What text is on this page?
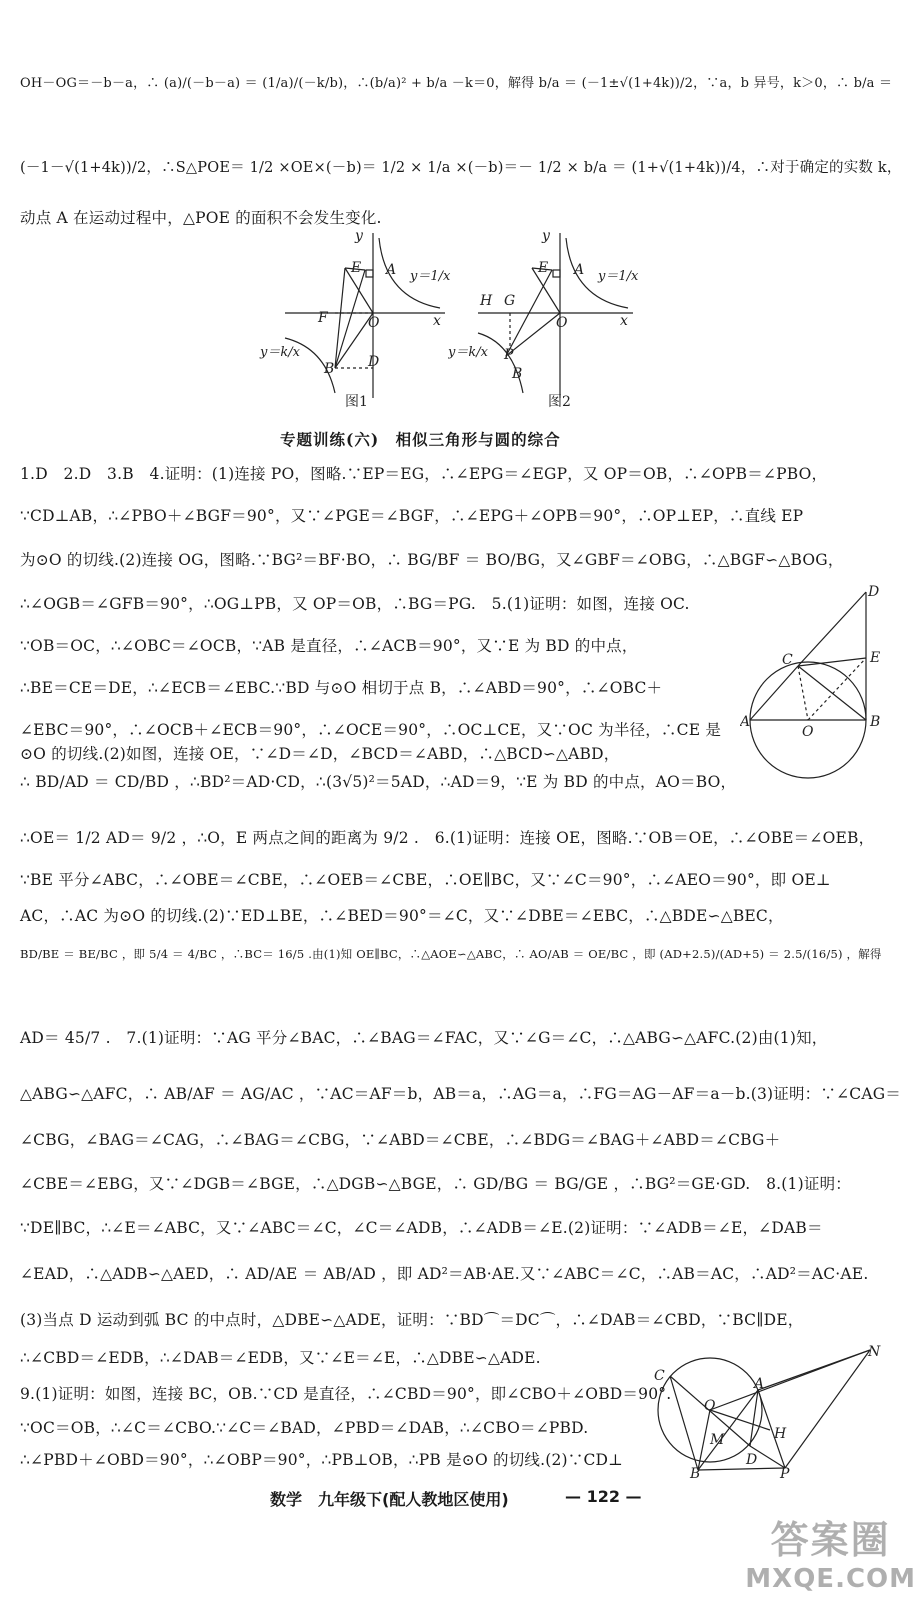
OH－OG＝－b－a，∴ (a)/(－b－a) ＝ (1/a)/(－k/b)，∴(b/a)² + b/a －k＝0，解得 b/a ＝ (－1±√(1+4k))/2，∵a，b 异号，k＞0，∴ b/a ＝
(－1－√(1+4k))/2，∴S△POE＝ 1/2 ×OE×(－b)＝ 1/2 × 1/a ×(－b)＝－ 1/2 × b/a ＝ (1+√(1+4k))/4，∴对于确定的实数 k，
动点 A 在运动过程中，△POE 的面积不会发生变化.
y
x
E A
F	O
D
B
y＝1/x
y＝k/x
图1
y
x
E A
H G
O
P
B
y＝1/x
y＝k/x
图2
专题训练(六)　相似三角形与圆的综合
1.D　2.D　3.B　4.证明：(1)连接 PO，图略.∵EP＝EG，∴∠EPG＝∠EGP，又 OP＝OB，∴∠OPB＝∠PBO，
∵CD⊥AB，∴∠PBO＋∠BGF＝90°，又∵∠PGE＝∠BGF，∴∠EPG＋∠OPB＝90°，∴OP⊥EP，∴直线 EP
为⊙O 的切线.(2)连接 OG，图略.∵BG²＝BF·BO，∴ BG/BF ＝ BO/BG，又∠GBF＝∠OBG，∴△BGF∽△BOG，
∴∠OGB＝∠GFB＝90°，∴OG⊥PB，又 OP＝OB，∴BG＝PG.　5.(1)证明：如图，连接 OC.
∵OB＝OC，∴∠OBC＝∠OCB，∵AB 是直径，∴∠ACB＝90°，又∵E 为 BD 的中点，
∴BE＝CE＝DE，∴∠ECB＝∠EBC.∵BD 与⊙O 相切于点 B，∴∠ABD＝90°，∴∠OBC＋
∠EBC＝90°，∴∠OCB＋∠ECB＝90°，∴∠OCE＝90°，∴OC⊥CE，又∵OC 为半径，∴CE 是
⊙O 的切线.(2)如图，连接 OE，∵∠D＝∠D，∠BCD＝∠ABD，∴△BCD∽△ABD，
∴ BD/AD ＝ CD/BD ，∴BD²＝AD·CD，∴(3√5)²＝5AD，∴AD＝9，∵E 为 BD 的中点，AO＝BO，
D
C	E
A
O
B
∴OE＝ 1/2 AD＝ 9/2 ，∴O，E 两点之间的距离为 9/2 .　6.(1)证明：连接 OE，图略.∵OB＝OE，∴∠OBE＝∠OEB，
∵BE 平分∠ABC，∴∠OBE＝∠CBE，∴∠OEB＝∠CBE，∴OE∥BC，又∵∠C＝90°，∴∠AEO＝90°，即 OE⊥
AC，∴AC 为⊙O 的切线.(2)∵ED⊥BE，∴∠BED＝90°＝∠C，又∵∠DBE＝∠EBC，∴△BDE∽△BEC，
BD/BE ＝ BE/BC ，即 5/4 ＝ 4/BC ，∴BC＝ 16/5 .由(1)知 OE∥BC，∴△AOE∽△ABC，∴ AO/AB ＝ OE/BC ，即 (AD+2.5)/(AD+5) ＝ 2.5/(16/5) ，解得
AD＝ 45/7 .　7.(1)证明：∵AG 平分∠BAC，∴∠BAG＝∠FAC，又∵∠G＝∠C，∴△ABG∽△AFC.(2)由(1)知，
△ABG∽△AFC，∴ AB/AF ＝ AG/AC ，∵AC＝AF＝b，AB＝a，∴AG＝a，∴FG＝AG－AF＝a－b.(3)证明：∵∠CAG＝
∠CBG，∠BAG＝∠CAG，∴∠BAG＝∠CBG，∵∠ABD＝∠CBE，∴∠BDG＝∠BAG＋∠ABD＝∠CBG＋
∠CBE＝∠EBG，又∵∠DGB＝∠BGE，∴△DGB∽△BGE，∴ GD/BG ＝ BG/GE ，∴BG²＝GE·GD.　8.(1)证明：
∵DE∥BC，∴∠E＝∠ABC，又∵∠ABC＝∠C，∠C＝∠ADB，∴∠ADB＝∠E.(2)证明：∵∠ADB＝∠E，∠DAB＝
∠EAD，∴△ADB∽△AED，∴ AD/AE ＝ AB/AD ，即 AD²＝AB·AE.又∵∠ABC＝∠C，∴AB＝AC，∴AD²＝AC·AE.
(3)当点 D 运动到弧 BC 的中点时，△DBE∽△ADE，证明：∵BD⌒＝DC⌒，∴∠DAB＝∠CBD，∵BC∥DE，
∴∠CBD＝∠EDB，∴∠DAB＝∠EDB，又∵∠E＝∠E，∴△DBE∽△ADE.
9.(1)证明：如图，连接 BC，OB.∵CD 是直径，∴∠CBD＝90°，即∠CBO＋∠OBD＝90°.
∵OC＝OB，∴∠C＝∠CBO.∵∠C＝∠BAD，∠PBD＝∠DAB，∴∠CBO＝∠PBD.
∴∠PBD＋∠OBD＝90°，∴∠OBP＝90°，∴PB⊥OB，∴PB 是⊙O 的切线.(2)∵CD⊥
N
C	A
O
M	H
B
D
P
数学　九年级下(配人教地区使用)	— 122 —
答案圈
MXQE.COM
